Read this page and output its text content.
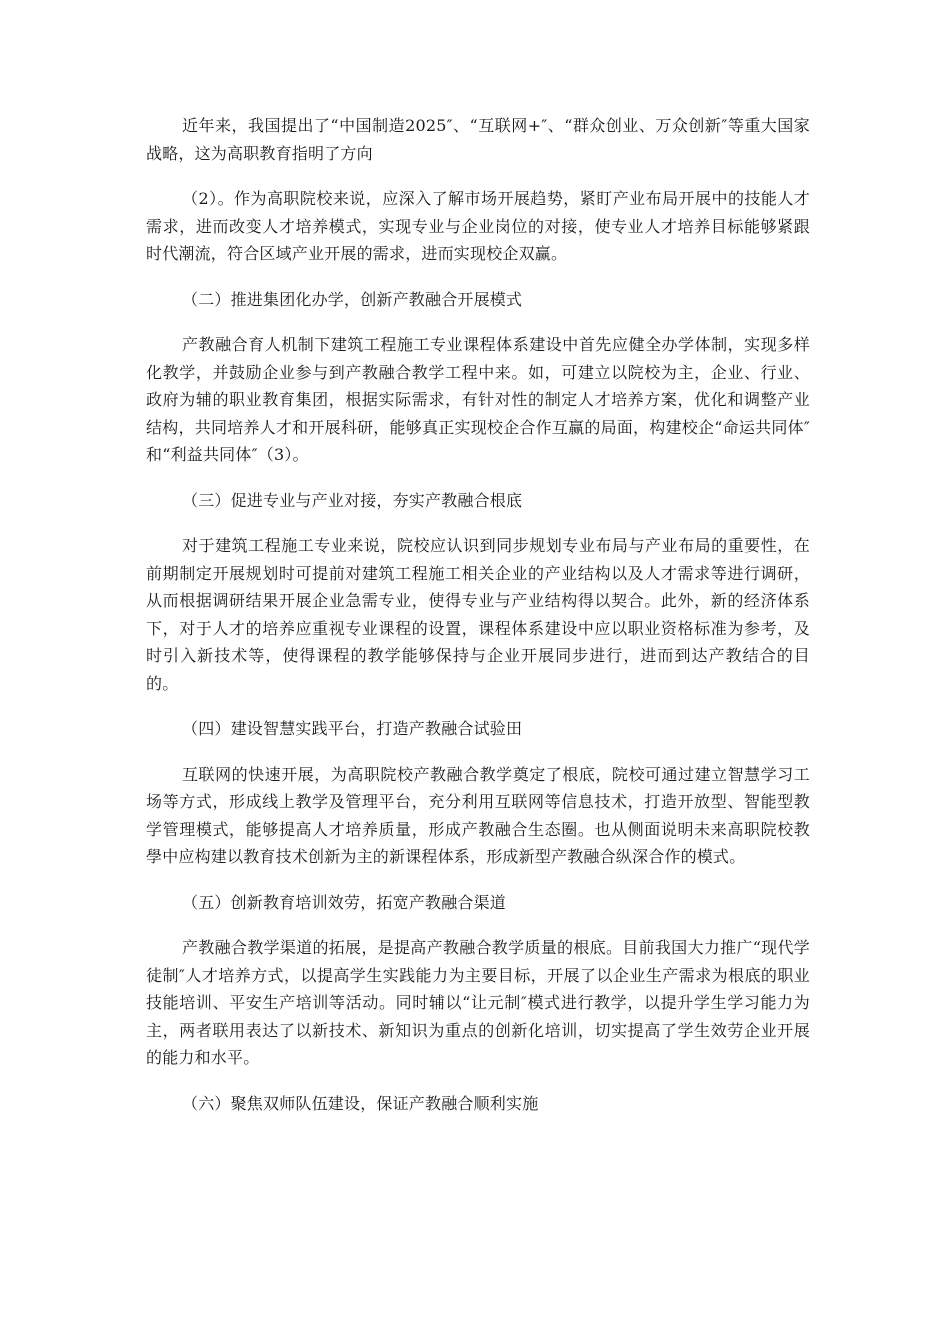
近年来，我国提出了“中国制造2025″、“互联网+″、“群众创业、万众创新″等重大国家战略，这为高职教育指明了方向

（2）。作为高职院校来说，应深入了解市场开展趋势，紧盯产业布局开展中的技能人才需求，进而改变人才培养模式，实现专业与企业岗位的对接，使专业人才培养目标能够紧跟时代潮流，符合区域产业开展的需求，进而实现校企双赢。

（二）推进集团化办学，创新产教融合开展模式

产教融合育人机制下建筑工程施工专业课程体系建设中首先应健全办学体制，实现多样化教学，并鼓励企业参与到产教融合教学工程中来。如，可建立以院校为主，企业、行业、政府为辅的职业教育集团，根据实际需求，有针对性的制定人才培养方案，优化和调整产业结构，共同培养人才和开展科研，能够真正实现校企合作互赢的局面，构建校企“命运共同体″和“利益共同体″（3）。

（三）促进专业与产业对接，夯实产教融合根底

对于建筑工程施工专业来说，院校应认识到同步规划专业布局与产业布局的重要性，在前期制定开展规划时可提前对建筑工程施工相关企业的产业结构以及人才需求等进行调研，从而根据调研结果开展企业急需专业，使得专业与产业结构得以契合。此外，新的经济体系下，对于人才的培养应重视专业课程的设置，课程体系建设中应以职业资格标准为参考，及时引入新技术等，使得课程的教学能够保持与企业开展同步进行，进而到达产教结合的目的。

（四）建设智慧实践平台，打造产教融合试验田

互联网的快速开展，为高职院校产教融合教学奠定了根底，院校可通过建立智慧学习工场等方式，形成线上教学及管理平台，充分利用互联网等信息技术，打造开放型、智能型教学管理模式，能够提高人才培养质量，形成产教融合生态圈。也从侧面说明未来高职院校教學中应构建以教育技术创新为主的新课程体系，形成新型产教融合纵深合作的模式。

（五）创新教育培训效劳，拓宽产教融合渠道

产教融合教学渠道的拓展，是提高产教融合教学质量的根底。目前我国大力推广“现代学徒制″人才培养方式，以提高学生实践能力为主要目标，开展了以企业生产需求为根底的职业技能培训、平安生产培训等活动。同时辅以“让元制″模式进行教学，以提升学生学习能力为主，两者联用表达了以新技术、新知识为重点的创新化培训，切实提高了学生效劳企业开展的能力和水平。

（六）聚焦双师队伍建设，保证产教融合顺利实施
